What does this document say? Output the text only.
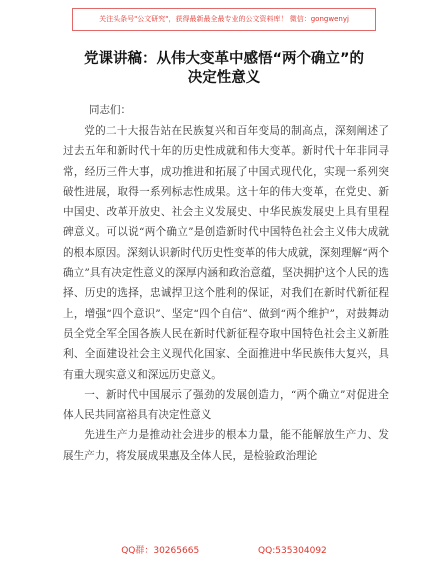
关注头条号"公文研究"，获得最新最全最专业的公文资料库！ 微信：gongwenyj
党课讲稿：从伟大变革中感悟“两个确立”的
决定性意义
同志们：

党的二十大报告站在民族复兴和百年变局的制高点，深刻阐述了过去五年和新时代十年的历史性成就和伟大变革。新时代十年非同寻常，经历三件大事，成功推进和拓展了中国式现代化，实现一系列突破性进展，取得一系列标志性成果。这十年的伟大变革，在党史、新中国史、改革开放史、社会主义发展史、中华民族发展史上具有里程碑意义。可以说“两个确立”是创造新时代中国特色社会主义伟大成就的根本原因。深刻认识新时代历史性变革的伟大成就，深刻理解“两个确立”具有决定性意义的深厚内涵和政治意蕴，坚决拥护这个人民的选择、历史的选择，忠诚捍卫这个胜利的保证，对我们在新时代新征程上，增强“四个意识”、坚定“四个自信”、做到“两个维护”，对鼓舞动员全党全军全国各族人民在新时代新征程夺取中国特色社会主义新胜利、全面建设社会主义现代化国家、全面推进中华民族伟大复兴，具有重大现实意义和深远历史意义。

一、新时代中国展示了强劲的发展创造力，“两个确立”对促进全体人民共同富裕具有决定性意义

先进生产力是推动社会进步的根本力量，能不能解放生产力、发展生产力，将发展成果惠及全体人民，是检验政治理论

QQ群：30265665	QQ:535304092
